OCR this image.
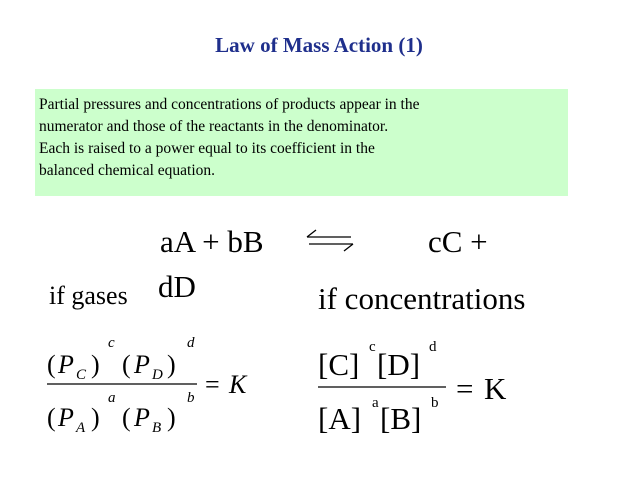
Law of Mass Action (1)
Partial pressures and concentrations of products appear in the
numerator and those of the reactants in the denominator.
Each is raised to a power equal to its coefficient in the
balanced chemical equation.
aA + bB	cC +
dD
if gases	if concentrations
( P C )
c
( P D )
d
( P A )
a
( P B )
b = K
[C] c [D] d
[A] a [B] b = K
